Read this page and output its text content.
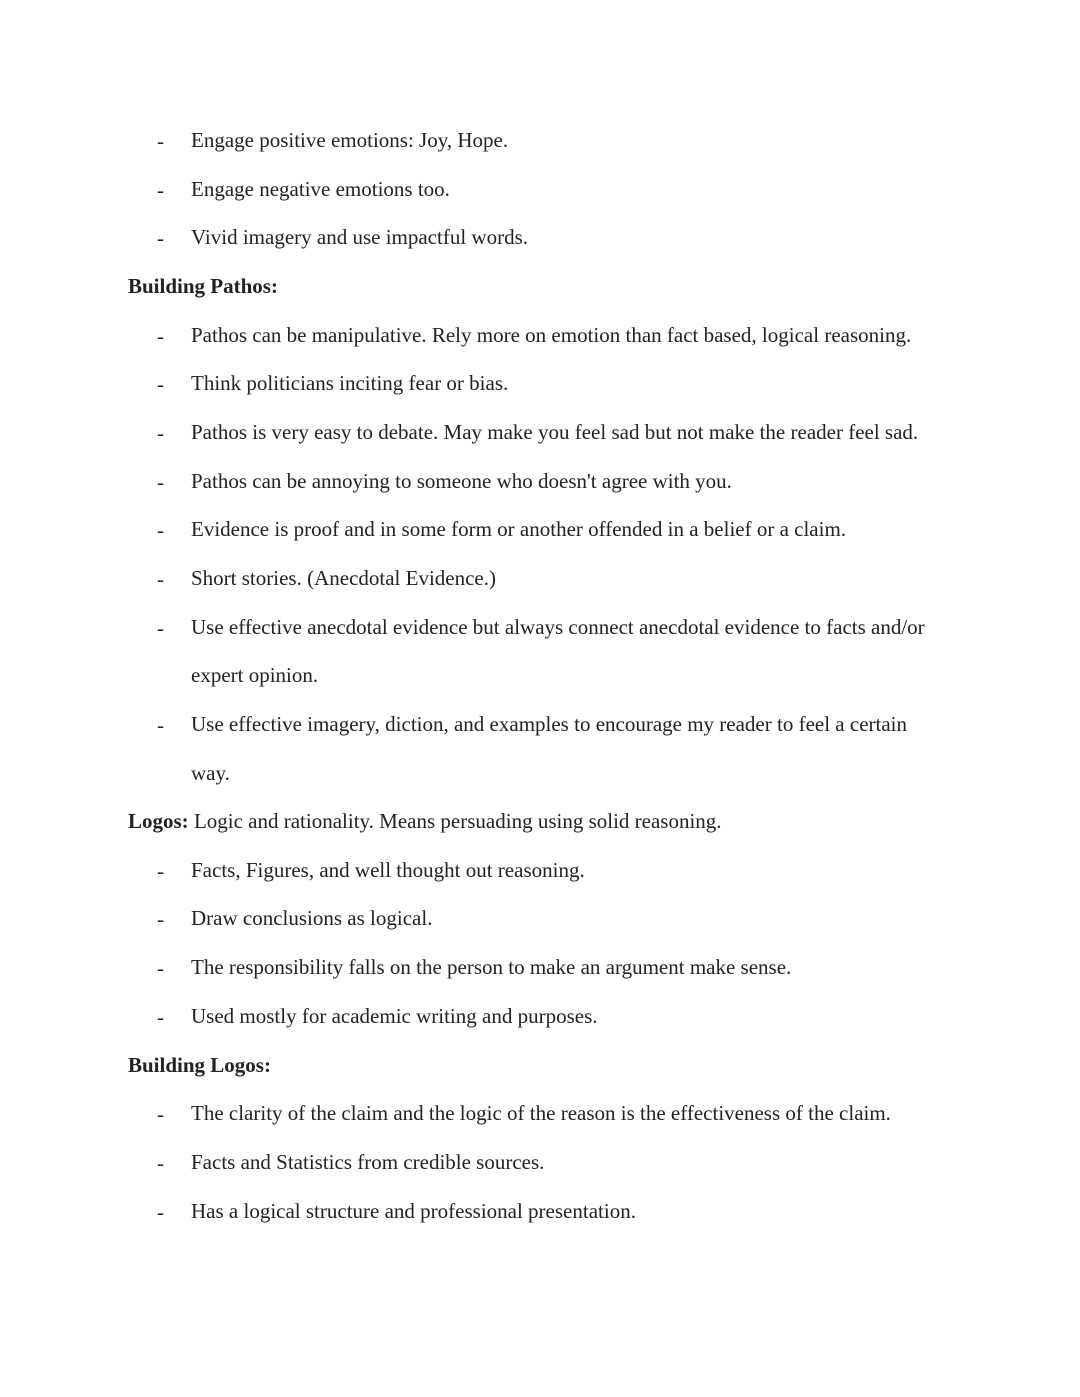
- Engage positive emotions: Joy, Hope.
- Engage negative emotions too.
- Vivid imagery and use impactful words.
Building Pathos:
- Pathos can be manipulative. Rely more on emotion than fact based, logical reasoning.
- Think politicians inciting fear or bias.
- Pathos is very easy to debate. May make you feel sad but not make the reader feel sad.
- Pathos can be annoying to someone who doesn't agree with you.
- Evidence is proof and in some form or another offended in a belief or a claim.
- Short stories. (Anecdotal Evidence.)
- Use effective anecdotal evidence but always connect anecdotal evidence to facts and/or
expert opinion.
- Use effective imagery, diction, and examples to encourage my reader to feel a certain
way.
Logos: Logic and rationality. Means persuading using solid reasoning.
- Facts, Figures, and well thought out reasoning.
- Draw conclusions as logical.
- The responsibility falls on the person to make an argument make sense.
- Used mostly for academic writing and purposes.
Building Logos:
- The clarity of the claim and the logic of the reason is the effectiveness of the claim.
- Facts and Statistics from credible sources.
- Has a logical structure and professional presentation.
